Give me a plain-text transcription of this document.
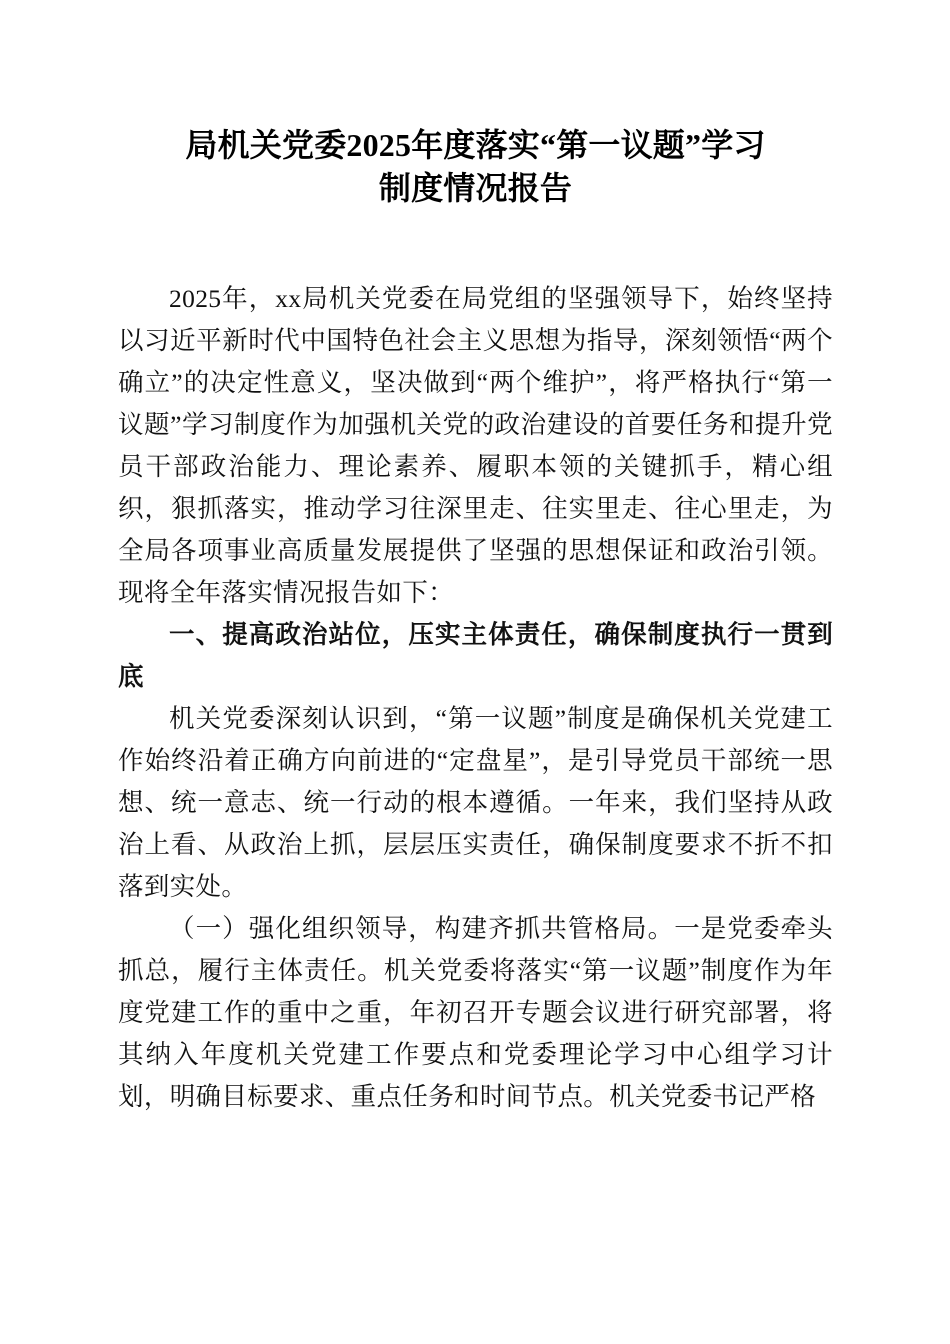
局机关党委2025年度落实“第一议题”学习
制度情况报告

2025年，xx局机关党委在局党组的坚强领导下，始终坚持以习近平新时代中国特色社会主义思想为指导，深刻领悟“两个确立”的决定性意义，坚决做到“两个维护”，将严格执行“第一议题”学习制度作为加强机关党的政治建设的首要任务和提升党员干部政治能力、理论素养、履职本领的关键抓手，精心组织，狠抓落实，推动学习往深里走、往实里走、往心里走，为全局各项事业高质量发展提供了坚强的思想保证和政治引领。现将全年落实情况报告如下：

一、提高政治站位，压实主体责任，确保制度执行一贯到底

机关党委深刻认识到，“第一议题”制度是确保机关党建工作始终沿着正确方向前进的“定盘星”，是引导党员干部统一思想、统一意志、统一行动的根本遵循。一年来，我们坚持从政治上看、从政治上抓，层层压实责任，确保制度要求不折不扣落到实处。

（一）强化组织领导，构建齐抓共管格局。一是党委牵头抓总，履行主体责任。机关党委将落实“第一议题”制度作为年度党建工作的重中之重，年初召开专题会议进行研究部署，将其纳入年度机关党建工作要点和党委理论学习中心组学习计划，明确目标要求、重点任务和时间节点。机关党委书记严格
